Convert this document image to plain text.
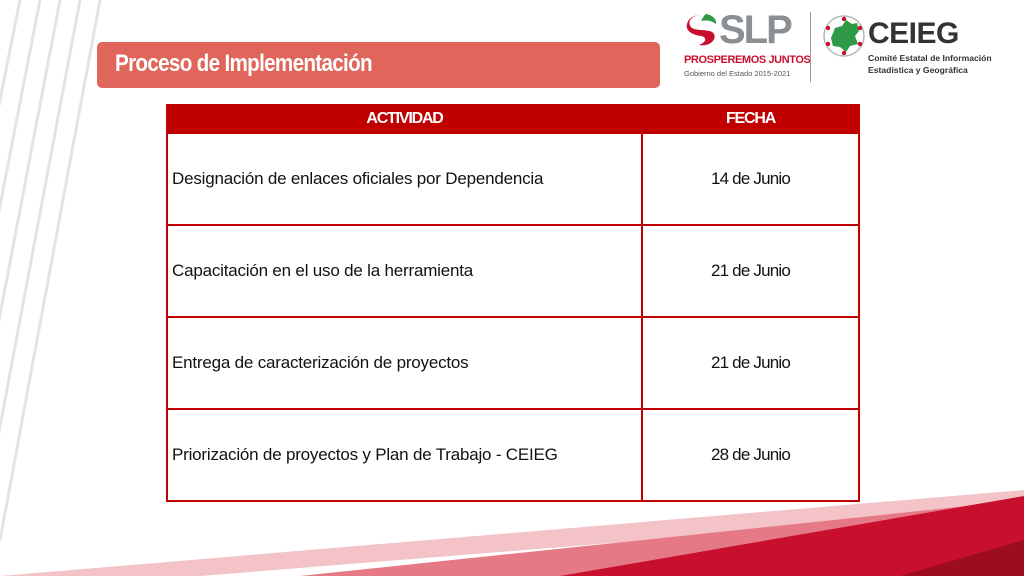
Proceso de Implementación
SLP
PROSPEREMOS JUNTOS
Gobierno del Estado 2015-2021
CEIEG
Comité Estatal de Información
Estadística y Geográfica
ACTIVIDAD	FECHA
Designación de enlaces oficiales por Dependencia	14 de Junio
Capacitación en el uso de la herramienta	21 de Junio
Entrega de caracterización de proyectos	21 de Junio
Priorización de proyectos y Plan de Trabajo - CEIEG	28 de Junio
